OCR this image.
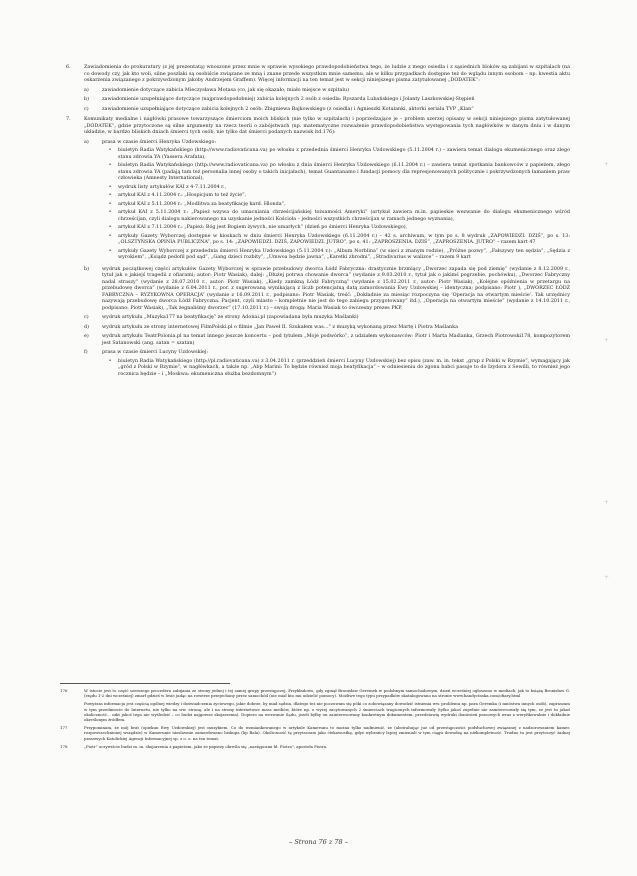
6.	Zawiadomienia do prokuratury (z jej prezentatą) wnoszone przez mnie w sprawie wysokiego prawdopodobieństwa tego, że ludzie z mego osiedla i z sąsiednich bloków są zabijani w szpitalach (na co dowody czy, jak kto woli, silne poszlaki są osobiście związane ze mną i znane przede wszystkim mnie samemu, ale w kilku przypadkach dostępne też do wglądu innym osobom – np. kwestia aktu oskarżenia związanego z pokrzywdzonym jakoby Andrzejem Graffem). Więcej informacji na ten temat jest w sekcji niniejszego pisma zatytułowanej „DODATEK”:
a)	zawiadomienie dotyczące zabicia Mieczysława Motasa (co, jak się okazało, miało miejsce w szpitalu)
b)	zawiadomienie uzupełniające dotyczące (najprawdopodobniej) zabicia kolejnych 2 osób z osiedla: Ryszarda Lubańskiego i Jolanty Laszkowskiej-Stępień
c)	zawiadomienie uzupełniające dotyczące zabicia kolejnych 2 osób: Zbigniewa Bajkowskiego (z osiedla) i Agnieszki Kotulanki, aktorki serialu TVP „Klan”
7.	Komunikaty medialne i nagłówki prasowe towarzyszące śmierciom moich bliskich (nie tylko w szpitalach) i poprzedzające je – problem szerzej opisany w sekcji niniejszego pisma zatytułowanej „DODATEK”, gdzie przytoczone są silne argumenty na rzecz teorii o zabójstwach (np. matematyczne rozważenie prawdopodobieństwa występowania tych nagłówków w danym dniu i w danym układzie, w bardzo bliskich dniach śmierci tych osób, nie tylko dat śmierci podanych nazwisk itd.176):
a)	prasa w czasie śmierci Henryka Uzdowskiego:
•	biuletyn Radia Watykańskiego (http://www.radiovaticana.va) po włosku z przedednia śmierci Henryka Uzdowskiego (5.11.2004 r.) – zawiera temat dialogu ekumenicznego oraz zlego stanu zdrowia YA (Yassera Arafata),
•	biuletyn Radia Watykańskiego (http://www.radiovaticana.va) po włosku z dnia śmierci Henryka Uzdowskiego (6.11.2004 r.) – zawiera temat spotkania bankowców z papieżem, złego stanu zdrowia YA (padają tam też personalia innej osoby o takich inicjałach), temat Guantanamo i fundacji pomocy dla represjonowanych politycznie i pokrzywdzonych łamaniem praw człowieka (Amnesty International),
•	wydruk listy artykułów KAI z 4-7.11.2004 r.,
•	artykuł KAI z 4.11.2004 r.: „Hospicjum to też życie”,
•	artykuł KAI z 5.11.2004 r.: „Modlitwa za beatyfikację kard. Hlonda”,
•	artykuł KAI z 5.11.2004 r.: „Papież wzywa do umacniania chrześcijańskiej tożsamości Ameryki” (artykuł zawiera m.in. papieskie wezwanie do dialogu ekumenicznego wśród chrześcijan, czyli dialogu nakierowanego na uzyskanie jedności Kościoła – jedności wszystkich chrześcijan w ramach jednego wyznania),
•	artykuł KAI z 7.11.2004 r.: „Papież: Bóg jest Bogiem żywych, nie umarłych” (dzień po śmierci Henryka Uzdowskiego),
•	artykuły Gazety Wyborczej dostępne w kioskach w dniu śmierci Henryka Uzdowskiego (6.11.2004 r.) – 42 s. archiwum, w tym po s. 8 wydruk „ZAPOWIEDZI. DZIŚ”, po s. 13: „OLSZTYŃSKA OPINIA PUBLICZNA”, po s. 14: „ZAPOWIEDZI. DZIŚ, ZAPOWIEDZI. JUTRO”, po s. 41: „ZAPROSZENIA. DZIŚ”, „ZAPROSZENIA. JUTRO” – razem kart 47
•	artykuły Gazety Wyborczej z przedednia śmierci Henryka Uzdowskiego (5.11.2004 r.): „Album Norblina” (w sieci z znanym rodzie), „Próżne pozwy”, „Fałszywy ten sędzia”, „Sędzia z wyrokiem”, „Ksiądz pedofil pod sąd”, „Gang dzieci rozbity”, „Umwoa będzie jawna”, „Karetki zbrodni”, „Stradivarius w walizce” – razem 9 kart
b)	wydruk początkowej części artykułów Gazety Wyborczej w sprawie przebudowy dworca Łódź Fabryczna: drastycznie brzmiący „Dworzec zapada się pod ziemię” (wydanie z 8.12.2009 r., tytuł jak o jakiejś tragedii z ofiarami; autor: Piotr Wasiak), dalej: „Dłużej potrwa chowanie dworca” (wydanie z 9.03.2010 r., tytuł jak o jakimś pogrzebie, pochówku), „Dworzec Fabryczny nadal straszy” (wydanie z 28.07.2010 r., autor: Piotr Wasiak), „Kiedy zamkną Łódź Fabryczną” (wydanie z 15.02.2011 r., autor: Piotr Wasiak), „Kolejne opóźnienia w przetargu na przebudowę dworca” (wydanie z 6.04.2011 r., por. z sugerowaną wynikającą z liczb potencjalną datą zamordowania Ewy Uzdowskiej – identyczna; podpisano: Piotr ), „DWORZEC ŁÓDŹ FABRYCZNA – RYZYKOWNA OPERACJA” (wydanie z 16.09.2011 r., podpisano: Piotr Wasiak, treść: „Dokładnie za miesiąc rozpoczyna się ‘Operacja na otwartym mieście’. Tak urzędnicy nazywają przebudowę dworca Łódź Fabryczna. Pacjent, czyli miasto – kompletnie nie jest do tego zabiegu przygotowany” itd.), „Operacja na otwartym mieście” (wydanie z 14.10.2011 r., podpisano: Piotr Wasiak), „Tak żegnaliśmy dworzec” (17.10.2011 r.) – swoją drogą: Maria Wasiak to ówczesny prezes PKP,
c)	wydruk artykułu „Muzyka177 na beatyfikację” ze strony Adonai.pl (zapowiadana była muzyka Maślanki)
d)	wydruk artykułu ze strony internetowej FilmPolski.pl o filmie „Jan Paweł II. Szukałem was…” z muzyką wykonaną przez Martę i Piotra Maślanka
e)	wydruk artykułu TeatrPolonia.pl na temat innego jeszcze koncertu – pod tytułem „Moje podwórko”, z udziałem wykonawców: Piotr i Marta Maślanka, Grzech Piotrowski178, kompozytorem jest Satanowski (ang. satan = szatan)
f)	prasa w czasie śmierci Lucyny Uzdowskiej:
•	biuletyn Radia Watykańskiego (http://pl.radiovaticana.va) z 3.04.2011 r. (przeddzień śmierci Lucyny Uzdowskiej) bez opisu (zaw. m. in. tekst „grup z Polski w Rzymie”, wymagający jak „gród z Polski w Rzymie”, w nagłówkach, a także np. „Abp Marini: To będzie również moja beatyfikacja” – w odniesieniu do zgonu babci pasuje to do Izydora z Sewilli, to również jego rocznica będzie – i „Moskwa: ekumeniczna służba bezdomnym”)
176	W istocie jest to część szerszego procederu zabijania ze strony jednej i tej samej grupy przestępczej. Przykładowo, gdy zginął Bronisław Geremek w podobnym samochodowym, dzień wcześniej ogłoszono w mediach, jak to książę Bronisław G. (rzędu 1-2 dni wcześniej) zmarł gdzieś w lesie jadąc na rowerze przejechany przez samochód (nie miał kto mu udzielić pomocy). Możliwe tego typu przypadków skatalogowano na stronie www.handycinska.com/ofiary.html
Powyższa informacja jest częścią ogólnej wiedzy i doświadczenia życiowego, jakie dobrze, by miał sędzia, dlatego też nie poczuwam się póki co zobowiązany dowodzić istnienia ww. problemu np. para Geremka (i mnóstwa innych osób), zapraszam w tym przedmiocie do Internetu, nie tylko na ww. stronę, ale i na strony internetowe mass mediów, które np. o wyżej zacytowanych 2 śmierciach tragicznych informowały (tylko jakoś zupełnie nie zainteresowały się tym, że jest tu jakaś okoliczność… nikt jakoś tego nie wyśledzić – co budzi najgorsze skojarzenia). Dopiero na wezwanie Sądu, jeżeli byłby on zainteresowany konkretnym dokumentem, przedstawię wydruki doniesień prasowych wraz z weryfikowalnie i dokładnie określonym źródłem.
177	Przypominam, że mój brat (opiekun Ewy Uzdowskiej) jest muzykiem. Co do wzmiankowanego w artykule Kamerunu to można tylko nadmienić, że (abstrahując już od przestępczości podsłuchowej związanej z nadzorowaniem kamer, rozpowszechnionej wszędzie) w Kamerunie nieslawnie zamordowano biskupa (bp Bala). Okoliczność tą przytaczam jako ciekawostkę, gdyż wybrańcy lepiej zmieniali w tym ciągu dowodzę na niekompletność. Trudno tu jest przytoczyć żadnej prasowych Katolickiej Agencji Informacyjnej sp. z o. o. na ten temat.
178	„Piotr” oczywiście budzi m. in. skojarzenia z papieżem, jako że papieży określa się „następcami bł. Piotra”, apostoła Piotra.
– Strona 76 z 78 –
+
+
+
+
